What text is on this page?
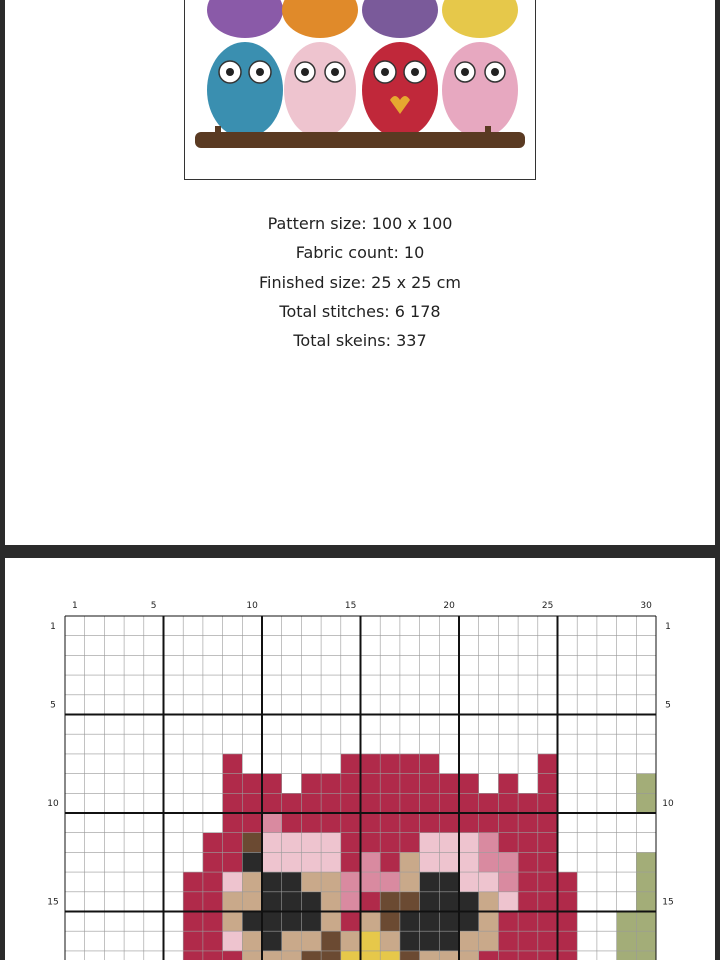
Pattern size: 100 x 100
Fabric count: 10
Finished size: 25 x 25 cm
Total stitches: 6 178
Total skeins: 337
1	5	10	15	20	25	30
1
5
10
15
1
5
10
15
